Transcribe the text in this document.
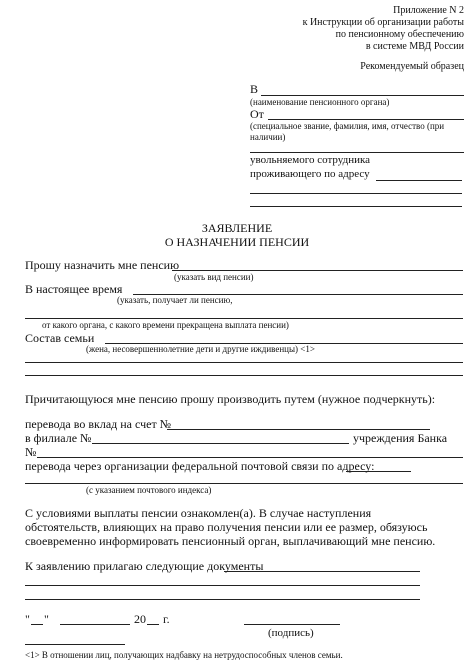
Приложение N 2
к Инструкции об организации работы
по пенсионному обеспечению
в системе МВД России
Рекомендуемый образец
В
(наименование пенсионного органа)
От
(специальное звание, фамилия, имя, отчество (при
наличии)
увольняемого сотрудника
проживающего по адресу
ЗАЯВЛЕНИЕ
О НАЗНАЧЕНИИ ПЕНСИИ
Прошу назначить мне пенсию
(указать вид пенсии)
В настоящее время
(указать, получает ли пенсию,
от какого органа, с какого времени прекращена выплата пенсии)
Состав семьи
(жена, несовершеннолетние дети и другие иждивенцы) <1>
Причитающуюся мне пенсию прошу производить путем (нужное подчеркнуть):
перевода во вклад на счет №
в филиале №	учреждения Банка
№
перевода через организации федеральной почтовой связи по адресу:
(с указанием почтового индекса)
С условиями выплаты пенсии ознакомлен(а). В случае наступления
обстоятельств, влияющих на право получения пенсии или ее размер, обязуюсь
своевременно информировать пенсионный орган, выплачивающий мне пенсию.
К заявлению прилагаю следующие документы
" "	20 г.
(подпись)
<1> В отношении лиц, получающих надбавку на нетрудоспособных членов семьи.
